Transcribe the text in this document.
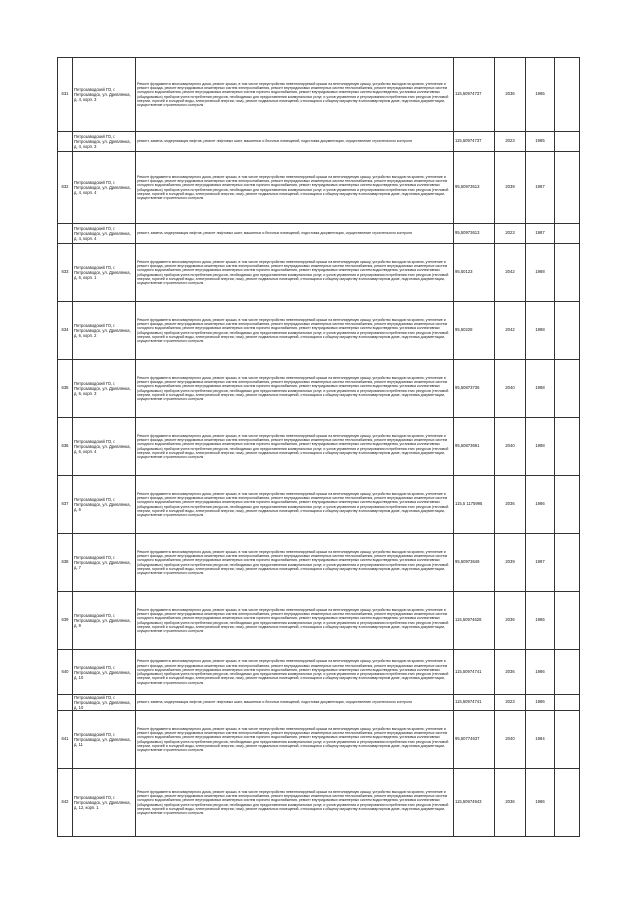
631	Петрозаводский ГО, г. Петрозаводск, ул. Древлянка, д. 4, корп. 3	Ремонт фундамента многоквартирного дома, ремонт крыши, в том числе переустройство невентилируемой крыши на вентилируемую крышу, устройство выходов на кровлю, утепление и ремонт фасада, ремонт внутридомовых инженерных систем электроснабжения, ремонт внутридомовых инженерных систем теплоснабжения, ремонт внутридомовых инженерных систем холодного водоснабжения, ремонт внутридомовых инженерных систем горячего водоснабжения, ремонт внутридомовых инженерных систем водоотведения, установка коллективных (общедомовых) приборов учета потребления ресурсов, необходимых для предоставления коммунальных услуг, и узлов управления и регулирования потребления этих ресурсов (тепловой энергии, горячей и холодной воды, электрической энергии, газа), ремонт подвальных помещений, относящихся к общему имуществу в многоквартирном доме, подготовка документации, осуществление строительного контроля	115,50974737	2036	1985	
	Петрозаводский ГО, г. Петрозаводск, ул. Древлянка, д. 4, корп. 3	ремонт, замена, модернизация лифтов, ремонт лифтовых шахт, машинных и блочных помещений, подготовка документации, осуществление строительного контроля	115,50974737	2023	1985	
632	Петрозаводский ГО, г. Петрозаводск, ул. Древлянка, д. 4, корп. 4	Ремонт фундамента многоквартирного дома, ремонт крыши, в том числе переустройство невентилируемой крыши на вентилируемую крышу, устройство выходов на кровлю, утепление и ремонт фасада, ремонт внутридомовых инженерных систем электроснабжения, ремонт внутридомовых инженерных систем теплоснабжения, ремонт внутридомовых инженерных систем холодного водоснабжения, ремонт внутридомовых инженерных систем горячего водоснабжения, ремонт внутридомовых инженерных систем водоотведения, установка коллективных (общедомовых) приборов учета потребления ресурсов, необходимых для предоставления коммунальных услуг, и узлов управления и регулирования потребления этих ресурсов (тепловой энергии, горячей и холодной воды, электрической энергии, газа), ремонт подвальных помещений, относящихся к общему имуществу в многоквартирном доме, подготовка документации, осуществление строительного контроля	95,50973613	2039	1987	
	Петрозаводский ГО, г. Петрозаводск, ул. Древлянка, д. 4, корп. 4	ремонт, замена, модернизация лифтов, ремонт лифтовых шахт, машинных и блочных помещений, подготовка документации, осуществление строительного контроля	95,50973613	2023	1987	
633	Петрозаводский ГО, г. Петрозаводск, ул. Древлянка, д. 6, корп. 1	Ремонт фундамента многоквартирного дома, ремонт крыши, в том числе переустройство невентилируемой крыши на вентилируемую крышу, устройство выходов на кровлю, утепление и ремонт фасада, ремонт внутридомовых инженерных систем электроснабжения, ремонт внутридомовых инженерных систем теплоснабжения, ремонт внутридомовых инженерных систем холодного водоснабжения, ремонт внутридомовых инженерных систем горячего водоснабжения, ремонт внутридомовых инженерных систем водоотведения, установка коллективных (общедомовых) приборов учета потребления ресурсов, необходимых для предоставления коммунальных услуг, и узлов управления и регулирования потребления этих ресурсов (тепловой энергии, горячей и холодной воды, электрической энергии, газа), ремонт подвальных помещений, относящихся к общему имуществу в многоквартирном доме, подготовка документации, осуществление строительного контроля	95,50123	2042	1988	
634	Петрозаводский ГО, г. Петрозаводск, ул. Древлянка, д. 6, корп. 2	Ремонт фундамента многоквартирного дома, ремонт крыши, в том числе переустройство невентилируемой крыши на вентилируемую крышу, устройство выходов на кровлю, утепление и ремонт фасада, ремонт внутридомовых инженерных систем электроснабжения, ремонт внутридомовых инженерных систем теплоснабжения, ремонт внутридомовых инженерных систем холодного водоснабжения, ремонт внутридомовых инженерных систем горячего водоснабжения, ремонт внутридомовых инженерных систем водоотведения, установка коллективных (общедомовых) приборов учета потребления ресурсов, необходимых для предоставления коммунальных услуг, и узлов управления и регулирования потребления этих ресурсов (тепловой энергии, горячей и холодной воды, электрической энергии, газа), ремонт подвальных помещений, относящихся к общему имуществу в многоквартирном доме, подготовка документации, осуществление строительного контроля	95,50228	2042	1988	
635	Петрозаводский ГО, г. Петрозаводск, ул. Древлянка, д. 6, корп. 3	Ремонт фундамента многоквартирного дома, ремонт крыши, в том числе переустройство невентилируемой крыши на вентилируемую крышу, устройство выходов на кровлю, утепление и ремонт фасада, ремонт внутридомовых инженерных систем электроснабжения, ремонт внутридомовых инженерных систем теплоснабжения, ремонт внутридомовых инженерных систем холодного водоснабжения, ремонт внутридомовых инженерных систем горячего водоснабжения, ремонт внутридомовых инженерных систем водоотведения, установка коллективных (общедомовых) приборов учета потребления ресурсов, необходимых для предоставления коммунальных услуг, и узлов управления и регулирования потребления этих ресурсов (тепловой энергии, горячей и холодной воды, электрической энергии, газа), ремонт подвальных помещений, относящихся к общему имуществу в многоквартирном доме, подготовка документации, осуществление строительного контроля	95,50873736	2040	1988	
636	Петрозаводский ГО, г. Петрозаводск, ул. Древлянка, д. 6, корп. 4	Ремонт фундамента многоквартирного дома, ремонт крыши, в том числе переустройство невентилируемой крыши на вентилируемую крышу, устройство выходов на кровлю, утепление и ремонт фасада, ремонт внутридомовых инженерных систем электроснабжения, ремонт внутридомовых инженерных систем теплоснабжения, ремонт внутридомовых инженерных систем холодного водоснабжения, ремонт внутридомовых инженерных систем горячего водоснабжения, ремонт внутридомовых инженерных систем водоотведения, установка коллективных (общедомовых) приборов учета потребления ресурсов, необходимых для предоставления коммунальных услуг, и узлов управления и регулирования потребления этих ресурсов (тепловой энергии, горячей и холодной воды, электрической энергии, газа), ремонт подвальных помещений, относящихся к общему имуществу в многоквартирном доме, подготовка документации, осуществление строительного контроля	95,50873691	2040	1988	
637	Петрозаводский ГО, г. Петрозаводск, ул. Древлянка, д. 6	Ремонт фундамента многоквартирного дома, ремонт крыши, в том числе переустройство невентилируемой крыши на вентилируемую крышу, устройство выходов на кровлю, утепление и ремонт фасада, ремонт внутридомовых инженерных систем электроснабжения, ремонт внутридомовых инженерных систем теплоснабжения, ремонт внутридомовых инженерных систем холодного водоснабжения, ремонт внутридомовых инженерных систем горячего водоснабжения, ремонт внутридомовых инженерных систем водоотведения, установка коллективных (общедомовых) приборов учета потребления ресурсов, необходимых для предоставления коммунальных услуг, и узлов управления и регулирования потребления этих ресурсов (тепловой энергии, горячей и холодной воды, электрической энергии, газа), ремонт подвальных помещений, относящихся к общему имуществу в многоквартирном доме, подготовка документации, осуществление строительного контроля	115,5 1175995	2036	1986	
638	Петрозаводский ГО, г. Петрозаводск, ул. Древлянка, д. 7	Ремонт фундамента многоквартирного дома, ремонт крыши, в том числе переустройство невентилируемой крыши на вентилируемую крышу, устройство выходов на кровлю, утепление и ремонт фасада, ремонт внутридомовых инженерных систем электроснабжения, ремонт внутридомовых инженерных систем теплоснабжения, ремонт внутридомовых инженерных систем холодного водоснабжения, ремонт внутридомовых инженерных систем горячего водоснабжения, ремонт внутридомовых инженерных систем водоотведения, установка коллективных (общедомовых) приборов учета потребления ресурсов, необходимых для предоставления коммунальных услуг, и узлов управления и регулирования потребления этих ресурсов (тепловой энергии, горячей и холодной воды, электрической энергии, газа), ремонт подвальных помещений, относящихся к общему имуществу в многоквартирном доме, подготовка документации, осуществление строительного контроля	95,50973649	2039	1987	
639	Петрозаводский ГО, г. Петрозаводск, ул. Древлянка, д. 9	Ремонт фундамента многоквартирного дома, ремонт крыши, в том числе переустройство невентилируемой крыши на вентилируемую крышу, устройство выходов на кровлю, утепление и ремонт фасада, ремонт внутридомовых инженерных систем электроснабжения, ремонт внутридомовых инженерных систем теплоснабжения, ремонт внутридомовых инженерных систем холодного водоснабжения, ремонт внутридомовых инженерных систем горячего водоснабжения, ремонт внутридомовых инженерных систем водоотведения, установка коллективных (общедомовых) приборов учета потребления ресурсов, необходимых для предоставления коммунальных услуг, и узлов управления и регулирования потребления этих ресурсов (тепловой энергии, горячей и холодной воды, электрической энергии, газа), ремонт подвальных помещений, относящихся к общему имуществу в многоквартирном доме, подготовка документации, осуществление строительного контроля	115,50974628	2036	1986	
640	Петрозаводский ГО, г. Петрозаводск, ул. Древлянка, д. 10	Ремонт фундамента многоквартирного дома, ремонт крыши, в том числе переустройство невентилируемой крыши на вентилируемую крышу, устройство выходов на кровлю, утепление и ремонт фасада, ремонт внутридомовых инженерных систем электроснабжения, ремонт внутридомовых инженерных систем теплоснабжения, ремонт внутридомовых инженерных систем холодного водоснабжения, ремонт внутридомовых инженерных систем горячего водоснабжения, ремонт внутридомовых инженерных систем водоотведения, установка коллективных (общедомовых) приборов учета потребления ресурсов, необходимых для предоставления коммунальных услуг, и узлов управления и регулирования потребления этих ресурсов (тепловой энергии, горячей и холодной воды, электрической энергии, газа), ремонт подвальных помещений, относящихся к общему имуществу в многоквартирном доме, подготовка документации, осуществление строительного контроля	115,50974741	2036	1986	
	Петрозаводский ГО, г. Петрозаводск, ул. Древлянка, д. 10	ремонт, замена, модернизация лифтов, ремонт лифтовых шахт, машинных и блочных помещений, подготовка документации, осуществление строительного контроля	115,50974741	2023	1986	
641	Петрозаводский ГО, г. Петрозаводск, ул. Древлянка, д. 11	Ремонт фундамента многоквартирного дома, ремонт крыши, в том числе переустройство невентилируемой крыши на вентилируемую крышу, устройство выходов на кровлю, утепление и ремонт фасада, ремонт внутридомовых инженерных систем электроснабжения, ремонт внутридомовых инженерных систем теплоснабжения, ремонт внутридомовых инженерных систем холодного водоснабжения, ремонт внутридомовых инженерных систем горячего водоснабжения, ремонт внутридомовых инженерных систем водоотведения, установка коллективных (общедомовых) приборов учета потребления ресурсов, необходимых для предоставления коммунальных услуг, и узлов управления и регулирования потребления этих ресурсов (тепловой энергии, горячей и холодной воды, электрической энергии, газа), ремонт подвальных помещений, относящихся к общему имуществу в многоквартирном доме, подготовка документации, осуществление строительного контроля	95,50774637	2040	1984	
642	Петрозаводский ГО, г. Петрозаводск, ул. Древлянка, д. 12, корп. 1	Ремонт фундамента многоквартирного дома, ремонт крыши, в том числе переустройство невентилируемой крыши на вентилируемую крышу, устройство выходов на кровлю, утепление и ремонт фасада, ремонт внутридомовых инженерных систем электроснабжения, ремонт внутридомовых инженерных систем теплоснабжения, ремонт внутридомовых инженерных систем холодного водоснабжения, ремонт внутридомовых инженерных систем горячего водоснабжения, ремонт внутридомовых инженерных систем водоотведения, установка коллективных (общедомовых) приборов учета потребления ресурсов, необходимых для предоставления коммунальных услуг, и узлов управления и регулирования потребления этих ресурсов (тепловой энергии, горячей и холодной воды, электрической энергии, газа), ремонт подвальных помещений, относящихся к общему имуществу в многоквартирном доме, подготовка документации, осуществление строительного контроля	115,50974943	2036	1986	
